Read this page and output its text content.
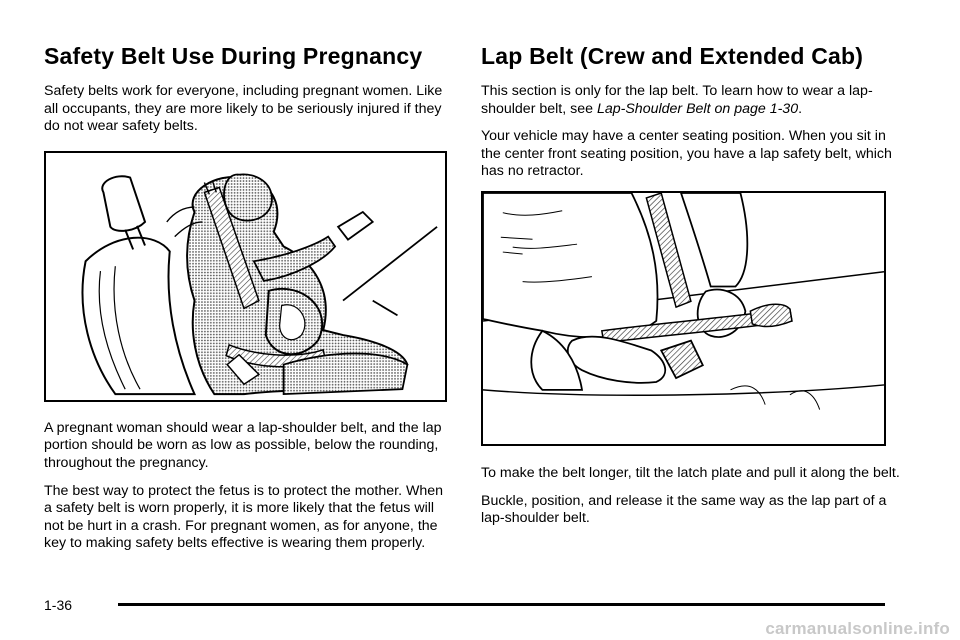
Safety Belt Use During Pregnancy

Safety belts work for everyone, including pregnant women. Like all occupants, they are more likely to be seriously injured if they do not wear safety belts.

A pregnant woman should wear a lap-shoulder belt, and the lap portion should be worn as low as possible, below the rounding, throughout the pregnancy.

The best way to protect the fetus is to protect the mother. When a safety belt is worn properly, it is more likely that the fetus will not be hurt in a crash. For pregnant women, as for anyone, the key to making safety belts effective is wearing them properly.

Lap Belt (Crew and Extended Cab)

This section is only for the lap belt. To learn how to wear a lap-shoulder belt, see Lap-Shoulder Belt on page 1-30.

Your vehicle may have a center seating position. When you sit in the center front seating position, you have a lap safety belt, which has no retractor.

To make the belt longer, tilt the latch plate and pull it along the belt.

Buckle, position, and release it the same way as the lap part of a lap-shoulder belt.

1-36
carmanualsonline.info
